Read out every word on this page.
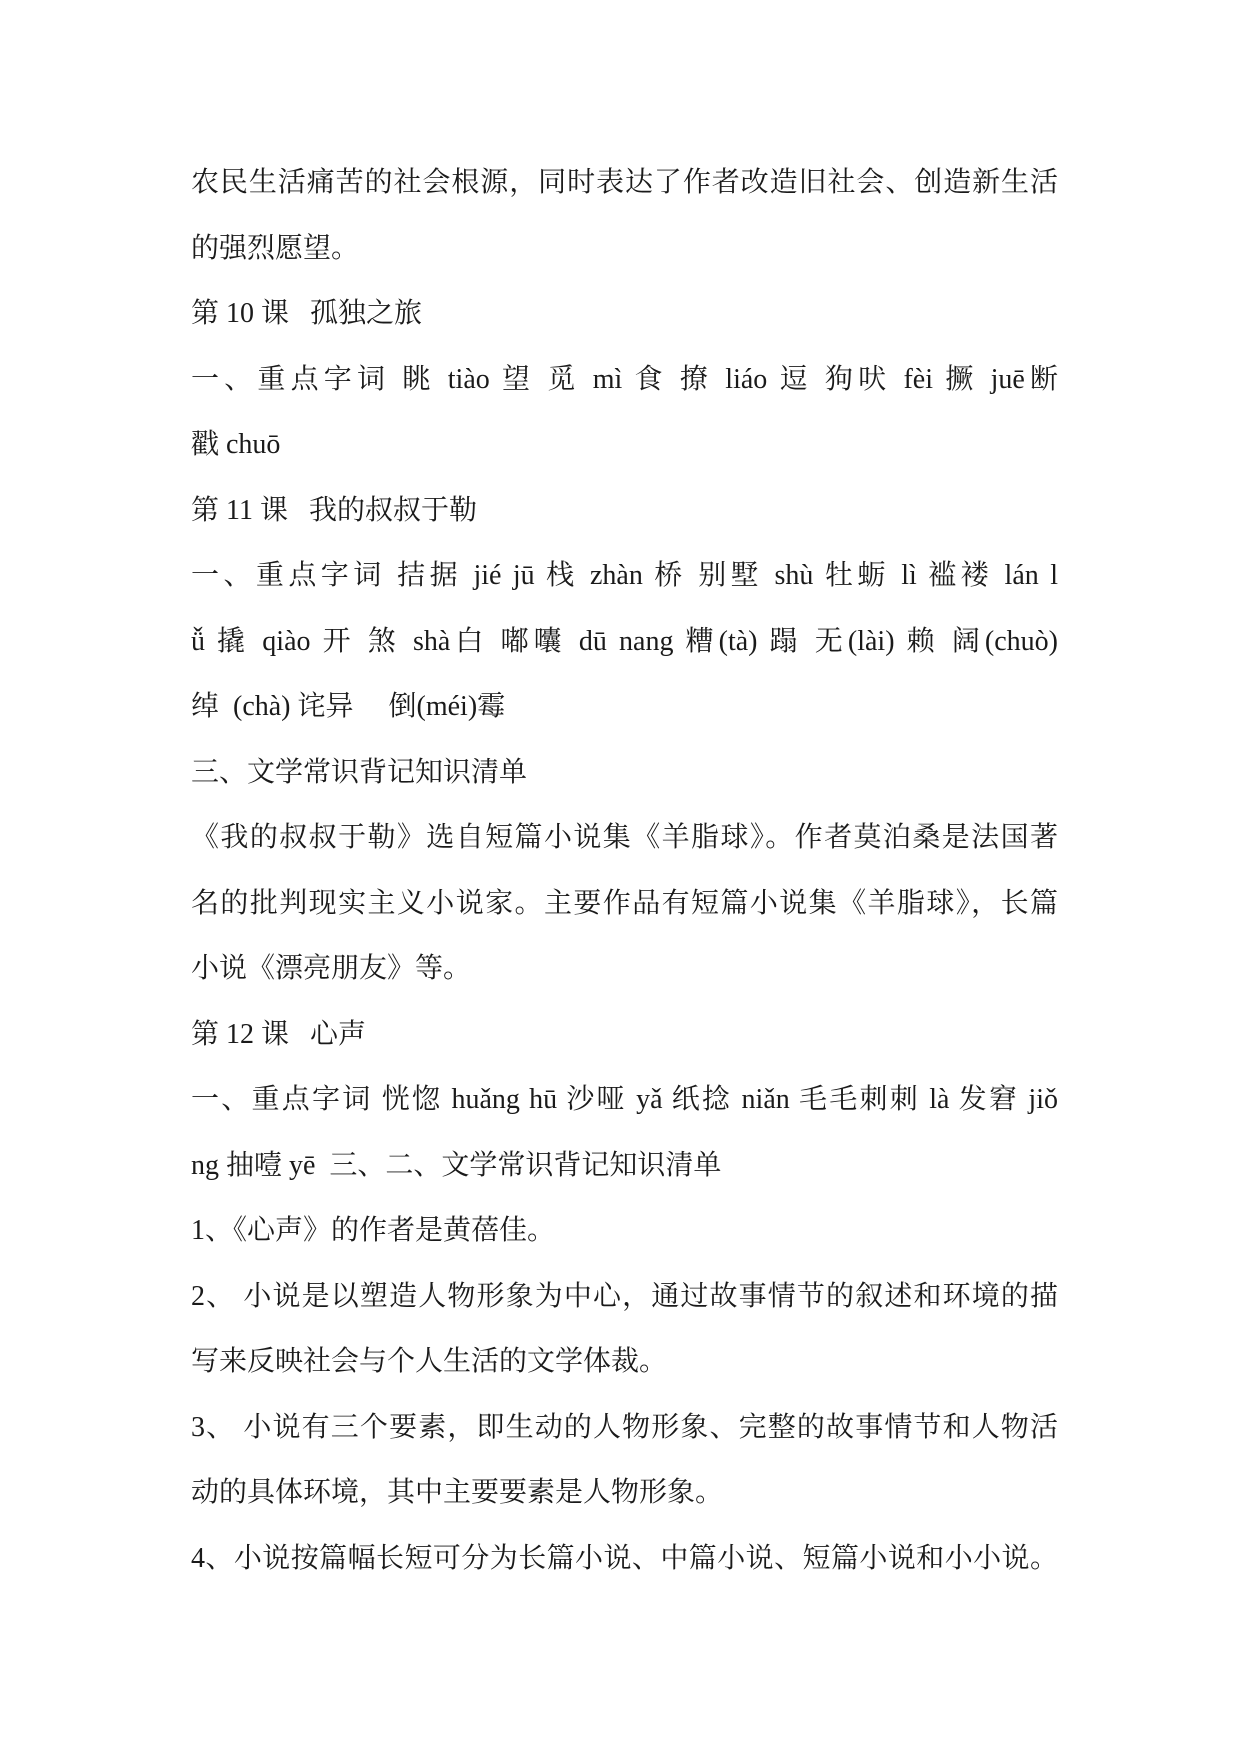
农民生活痛苦的社会根源，同时表达了作者改造旧社会、创造新生活
的强烈愿望。
第 10 课   孤独之旅
一、重点字词 眺 tiào 望 觅 mì 食 撩 liáo 逗 狗吠 fèi 撅 juē断
戳 chuō
第 11 课   我的叔叔于勒
一、重点字词 拮据 jié jū 栈 zhàn 桥 别墅 shù 牡蛎 lì 褴褛 lán l
ǚ 撬 qiào 开 煞 shà白 嘟囔 dū nang 糟(tà) 蹋 无(lài) 赖 阔(chuò)
绰  (chà) 诧异     倒(méi)霉
三、文学常识背记知识清单
《我的叔叔于勒》选自短篇小说集《羊脂球》。作者莫泊桑是法国著
名的批判现实主义小说家。主要作品有短篇小说集《羊脂球》，长篇
小说《漂亮朋友》等。
第 12 课   心声
一、重点字词 恍惚 huǎng hū 沙哑 yǎ 纸捻 niǎn 毛毛刺刺 là 发窘 jiǒ
ng 抽噎 yē  三、二、文学常识背记知识清单
1、《心声》的作者是黄蓓佳。
2、 小说是以塑造人物形象为中心，通过故事情节的叙述和环境的描
写来反映社会与个人生活的文学体裁。
3、 小说有三个要素，即生动的人物形象、完整的故事情节和人物活
动的具体环境，其中主要要素是人物形象。
4、小说按篇幅长短可分为长篇小说、中篇小说、短篇小说和小小说。
